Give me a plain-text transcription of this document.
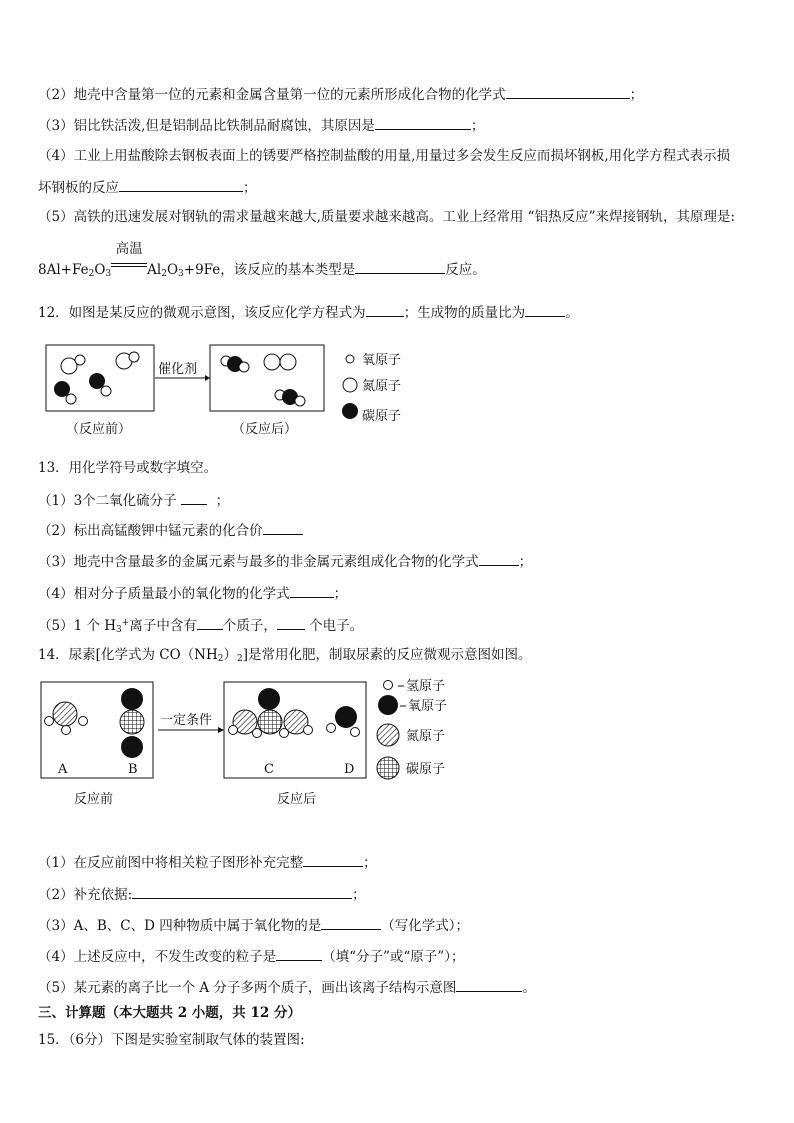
（2）地壳中含量第一位的元素和金属含量第一位的元素所形成化合物的化学式	；
（3）铝比铁活泼,但是铝制品比铁制品耐腐蚀，其原因是	；
（4）工业上用盐酸除去钢板表面上的锈要严格控制盐酸的用量,用量过多会发生反应而损坏钢板,用化学方程式表示损
坏钢板的反应	；
（5）高铁的迅速发展对钢轨的需求量越来越大,质量要求越来越高。工业上经常用 “铝热反应”来焊接钢轨，其原理是:
$8Al+Fe_2O_3$
高温
$Al_2O_3+9Fe$，该反应的基本类型是	反应。
12．如图是某反应的微观示意图，该反应化学方程式为	；生成物的质量比为	。
催化剂
（反应前）	（反应后）
氧原子
氮原子
碳原子
13．用化学符号或数字填空。
（1）3个二氧化硫分子	；
（2）标出高锰酸钾中锰元素的化合价
（3）地壳中含量最多的金属元素与最多的非金属元素组成化合物的化学式	；
（4）相对分子质量最小的氧化物的化学式	；
（5）1 个 $H_3^+$离子中含有 个质子， 个电子。
14．尿素[化学式为 $CO(NH_2)_2$]是常用化肥，制取尿素的反应微观示意图如图。
A	B
一定条件
C	D
反应前	反应后
氢原子
氧原子
氮原子
碳原子
（1）在反应前图中将相关粒子图形补充完整	；
（2）补充依据:	；
（3）A、B、C、D 四种物质中属于氧化物的是	（写化学式）；
（4）上述反应中，不发生改变的粒子是	（填“分子”或“原子”）；
（5）某元素的离子比一个 A 分子多两个质子，画出该离子结构示意图	。
三、计算题（本大题共 2 小题，共 12 分）
15．（6分）下图是实验室制取气体的装置图:
